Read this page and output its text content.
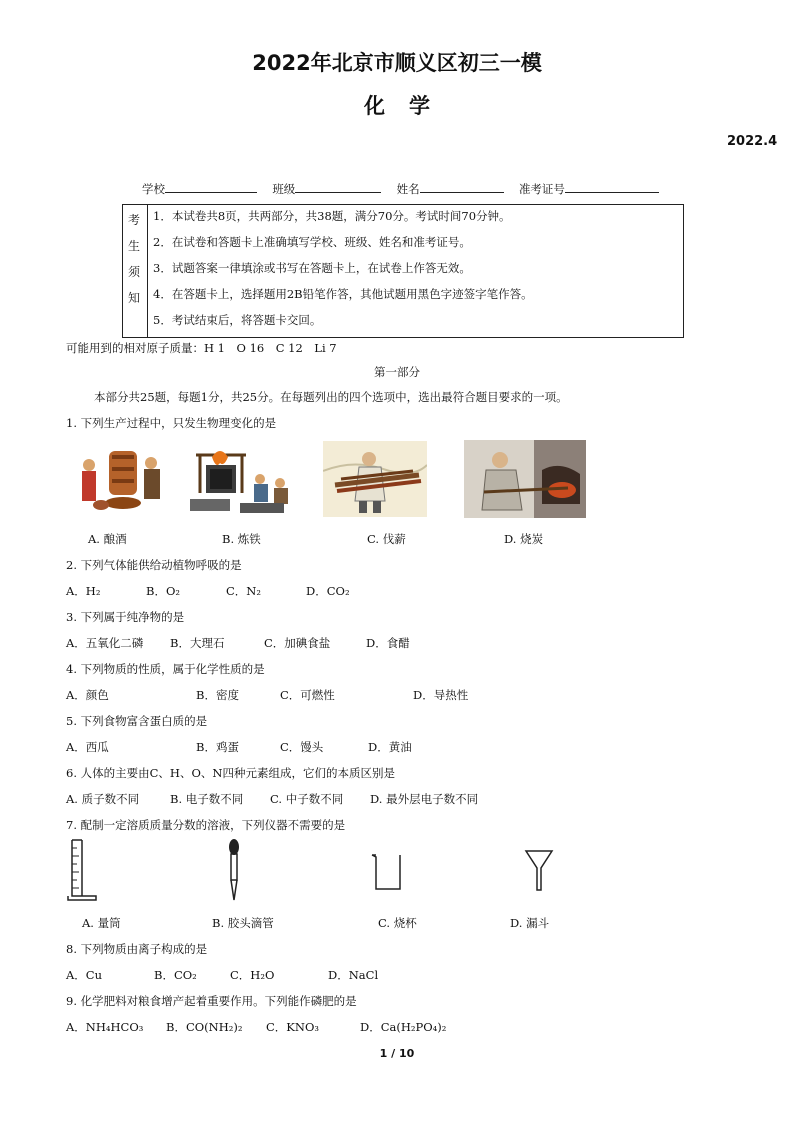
2022年北京市顺义区初三一模
化学
2022.4
学校	班级	姓名	准考证号
考
生
须
知
1．本试卷共8页，共两部分，共38题，满分70分。考试时间70分钟。
2．在试卷和答题卡上准确填写学校、班级、姓名和准考证号。
3．试题答案一律填涂或书写在答题卡上，在试卷上作答无效。
4．在答题卡上，选择题用2B铅笔作答，其他试题用黑色字迹签字笔作答。
5．考试结束后，将答题卡交回。
可能用到的相对原子质量：H 1　O 16　C 12　Li 7
第一部分
本部分共25题，每题1分，共25分。在每题列出的四个选项中，选出最符合题目要求的一项。
1. 下列生产过程中，只发生物理变化的是
A. 酿酒	B. 炼铁	C. 伐薪	D. 烧炭
2. 下列气体能供给动植物呼吸的是
A．H₂	B．O₂	C．N₂	D．CO₂
3. 下列属于纯净物的是
A．五氧化二磷 B．大理石	C．加碘食盐	D．食醋
4. 下列物质的性质，属于化学性质的是
A．颜色	B．密度	C．可燃性	D．导热性
5. 下列食物富含蛋白质的是
A．西瓜	B．鸡蛋	C．馒头	D．黄油
6. 人体的主要由C、H、O、N四种元素组成，它们的本质区别是
A. 质子数不同	B. 电子数不同 C. 中子数不同 D. 最外层电子数不同
7. 配制一定溶质质量分数的溶液，下列仪器不需要的是
A. 量筒	B. 胶头滴管	C. 烧杯	D. 漏斗
8. 下列物质由离子构成的是
A．Cu	B．CO₂	C．H₂O	D．NaCl
9. 化学肥料对粮食增产起着重要作用。下列能作磷肥的是
A．NH₄HCO₃ B．CO(NH₂)₂ C．KNO₃	D．Ca(H₂PO₄)₂
1 / 10
